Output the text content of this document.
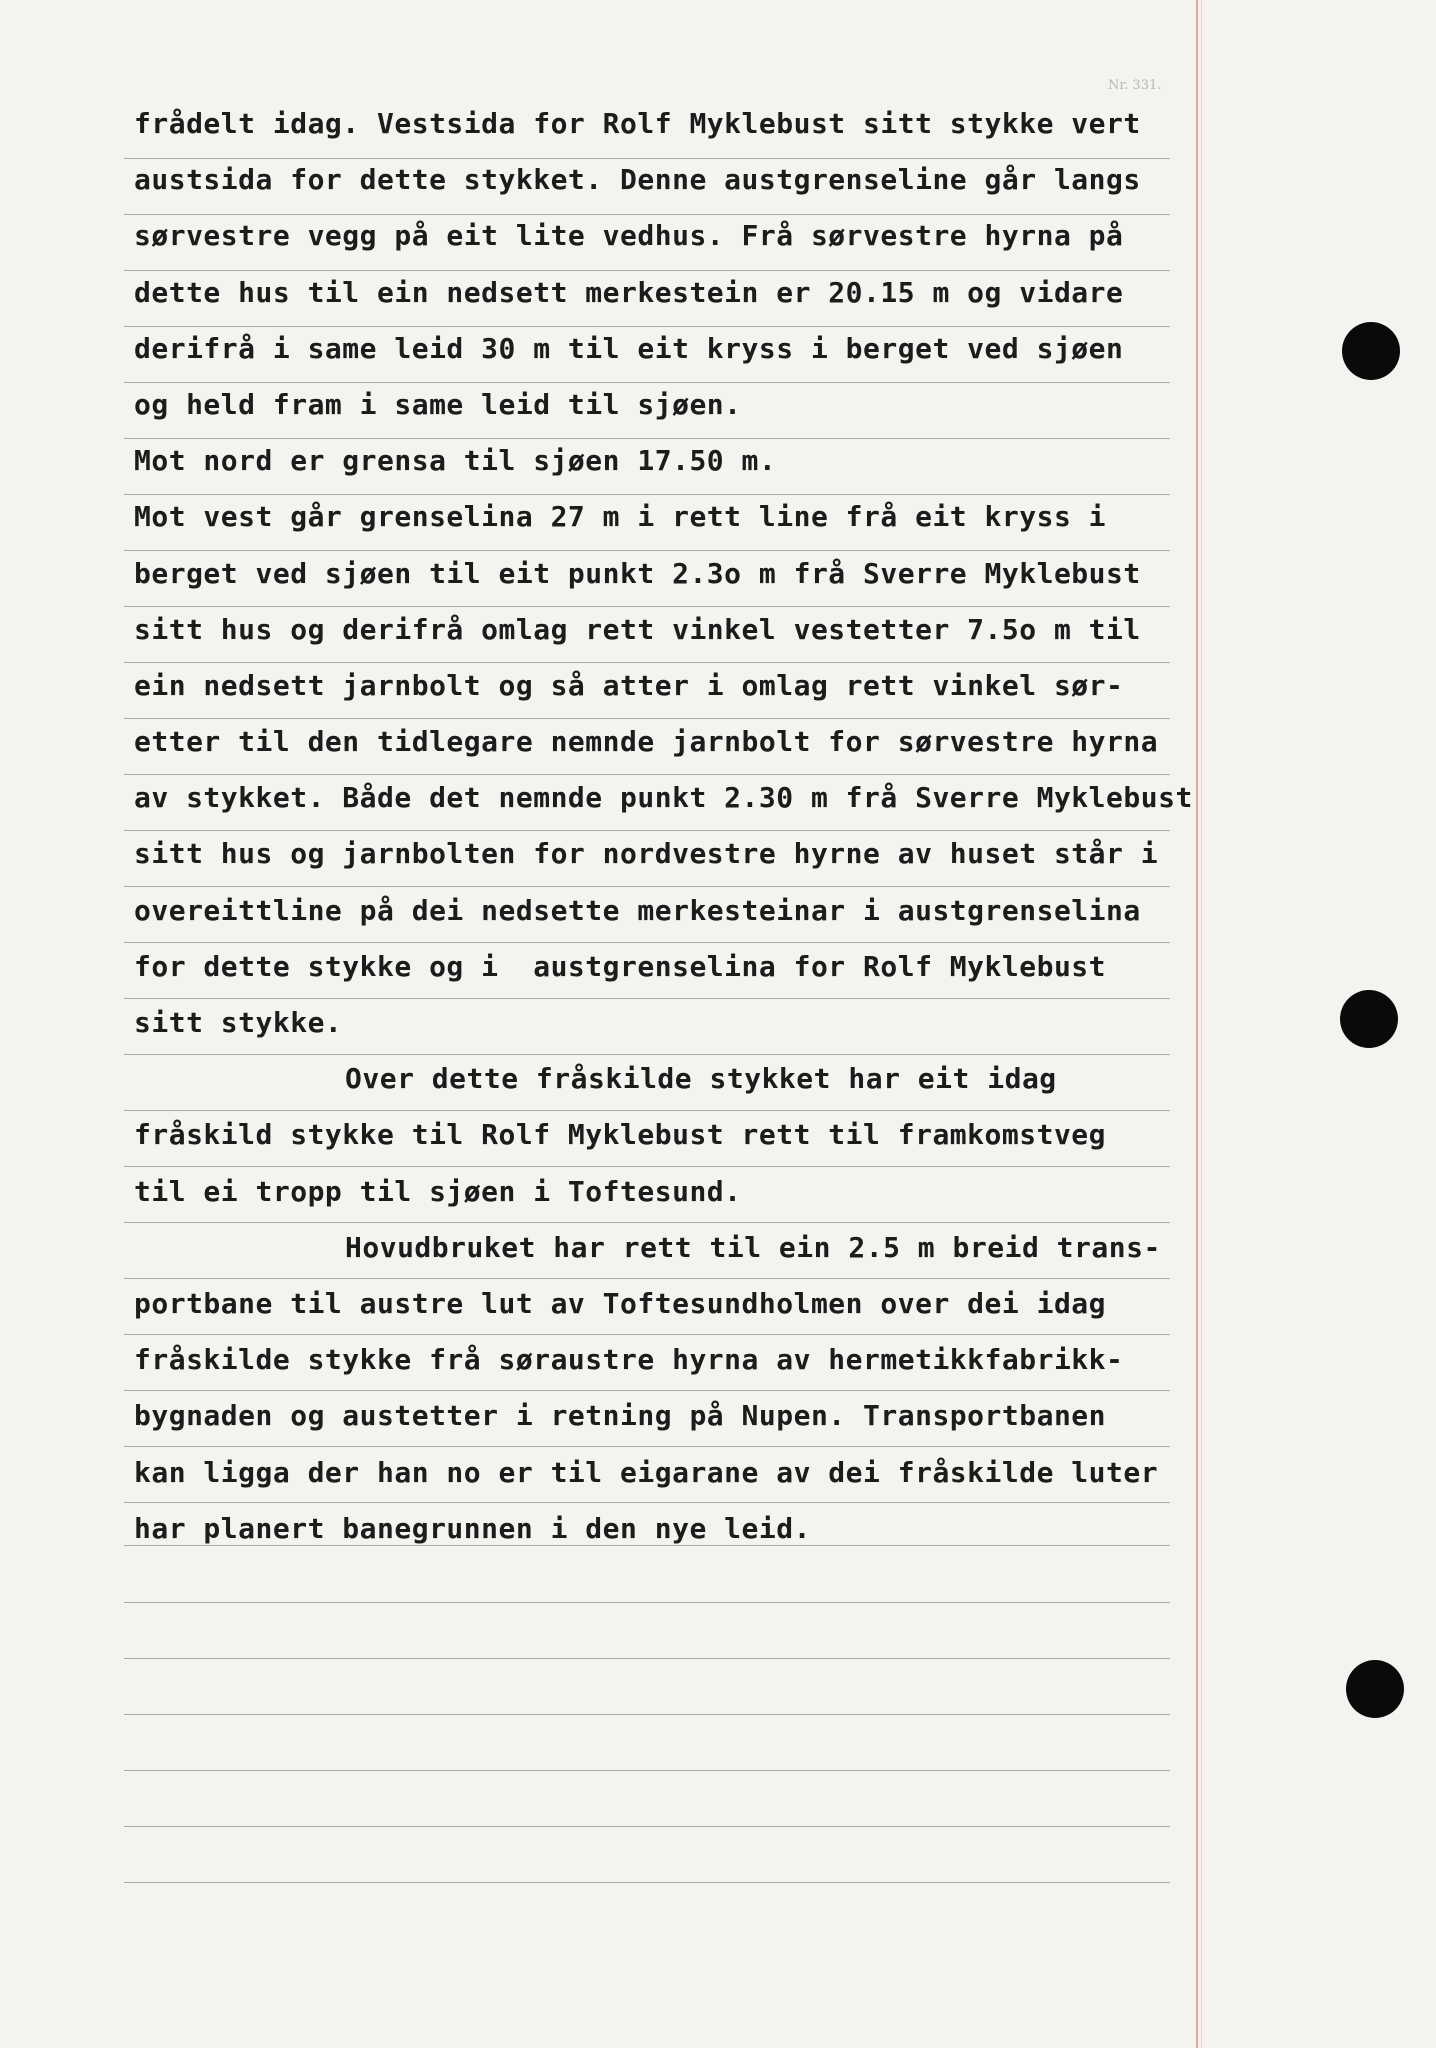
Nr. 331.
frådelt idag. Vestsida for Rolf Myklebust sitt stykke vert
austsida for dette stykket. Denne austgrenseline går langs
sørvestre vegg på eit lite vedhus. Frå sørvestre hyrna på
dette hus til ein nedsett merkestein er 20.15 m og vidare
derifrå i same leid 30 m til eit kryss i berget ved sjøen
og held fram i same leid til sjøen.
Mot nord er grensa til sjøen 17.50 m.
Mot vest går grenselina 27 m i rett line frå eit kryss i
berget ved sjøen til eit punkt 2.3o m frå Sverre Myklebust
sitt hus og derifrå omlag rett vinkel vestetter 7.5o m til
ein nedsett jarnbolt og så atter i omlag rett vinkel sør-
etter til den tidlegare nemnde jarnbolt for sørvestre hyrna
av stykket. Både det nemnde punkt 2.30 m frå Sverre Myklebust
sitt hus og jarnbolten for nordvestre hyrne av huset står i
overeittline på dei nedsette merkesteinar i austgrenselina
for dette stykke og i  austgrenselina for Rolf Myklebust
sitt stykke.
Over dette fråskilde stykket har eit idag
fråskild stykke til Rolf Myklebust rett til framkomstveg
til ei tropp til sjøen i Toftesund.
Hovudbruket har rett til ein 2.5 m breid trans-
portbane til austre lut av Toftesundholmen over dei idag
fråskilde stykke frå søraustre hyrna av hermetikkfabrikk-
bygnaden og austetter i retning på Nupen. Transportbanen
kan ligga der han no er til eigarane av dei fråskilde luter
har planert banegrunnen i den nye leid.
